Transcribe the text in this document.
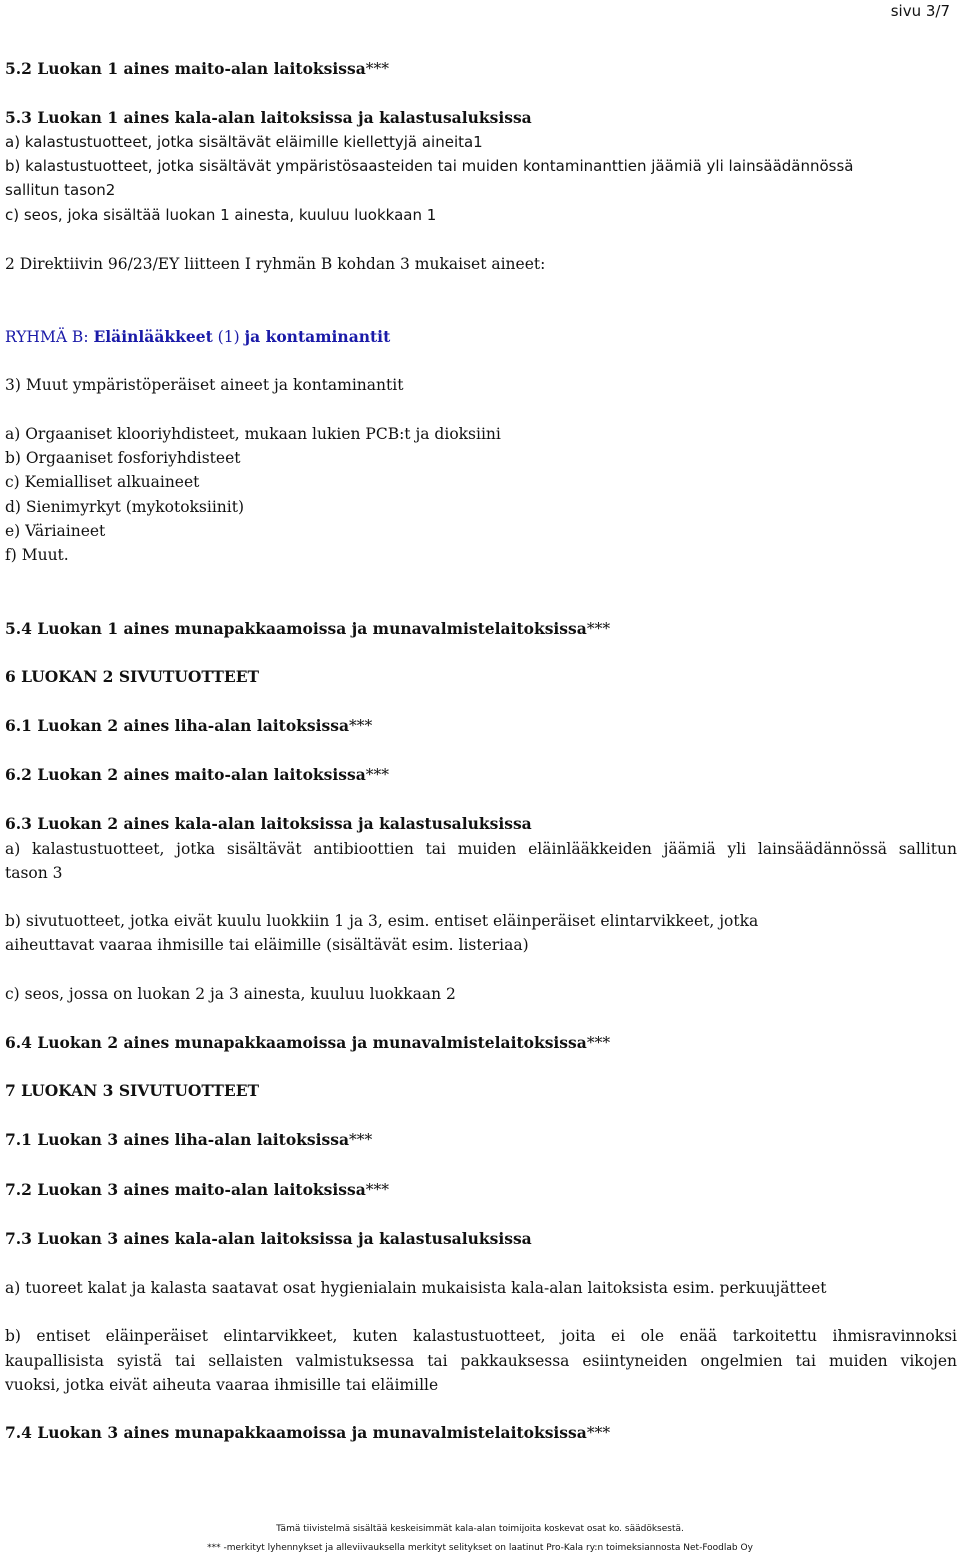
sivu 3/7
5.2 Luokan 1 aines maito-alan laitoksissa***
5.3 Luokan 1 aines kala-alan laitoksissa ja kalastusaluksissa
a) kalastustuotteet, jotka sisältävät eläimille kiellettyjä aineita1
b) kalastustuotteet, jotka sisältävät ympäristösaasteiden tai muiden kontaminanttien jäämiä yli lainsäädännössä
sallitun tason2
c) seos, joka sisältää luokan 1 ainesta, kuuluu luokkaan 1
2 Direktiivin 96/23/EY liitteen I ryhmän B kohdan 3 mukaiset aineet:
RYHMÄ B: Eläinlääkkeet (1) ja kontaminantit
3) Muut ympäristöperäiset aineet ja kontaminantit
a) Orgaaniset klooriyhdisteet, mukaan lukien PCB:t ja dioksiini
b) Orgaaniset fosforiyhdisteet
c) Kemialliset alkuaineet
d) Sienimyrkyt (mykotoksiinit)
e) Väriaineet
f) Muut.
5.4 Luokan 1 aines munapakkaamoissa ja munavalmistelaitoksissa***
6 LUOKAN 2 SIVUTUOTTEET
6.1 Luokan 2 aines liha-alan laitoksissa***
6.2 Luokan 2 aines maito-alan laitoksissa***
6.3 Luokan 2 aines kala-alan laitoksissa ja kalastusaluksissa
a) kalastustuotteet, jotka sisältävät antibioottien tai muiden eläinlääkkeiden jäämiä yli lainsäädännössä sallitun
tason 3
b) sivutuotteet, jotka eivät kuulu luokkiin 1 ja 3, esim. entiset eläinperäiset elintarvikkeet, jotka
aiheuttavat vaaraa ihmisille tai eläimille (sisältävät esim. listeriaa)
c) seos, jossa on luokan 2 ja 3 ainesta, kuuluu luokkaan 2
6.4 Luokan 2 aines munapakkaamoissa ja munavalmistelaitoksissa***
7 LUOKAN 3 SIVUTUOTTEET
7.1 Luokan 3 aines liha-alan laitoksissa***
7.2 Luokan 3 aines maito-alan laitoksissa***
7.3 Luokan 3 aines kala-alan laitoksissa ja kalastusaluksissa
a) tuoreet kalat ja kalasta saatavat osat hygienialain mukaisista kala-alan laitoksista esim. perkuujätteet
b) entiset eläinperäiset elintarvikkeet, kuten kalastustuotteet, joita ei ole enää tarkoitettu ihmisravinnoksi
kaupallisista syistä tai sellaisten valmistuksessa tai pakkauksessa esiintyneiden ongelmien tai muiden vikojen
vuoksi, jotka eivät aiheuta vaaraa ihmisille tai eläimille
7.4 Luokan 3 aines munapakkaamoissa ja munavalmistelaitoksissa***
Tämä tiivistelmä sisältää keskeisimmät kala-alan toimijoita koskevat osat ko. säädöksestä.
*** -merkityt lyhennykset ja alleviivauksella merkityt selitykset on laatinut Pro-Kala ry:n toimeksiannosta Net-Foodlab Oy
